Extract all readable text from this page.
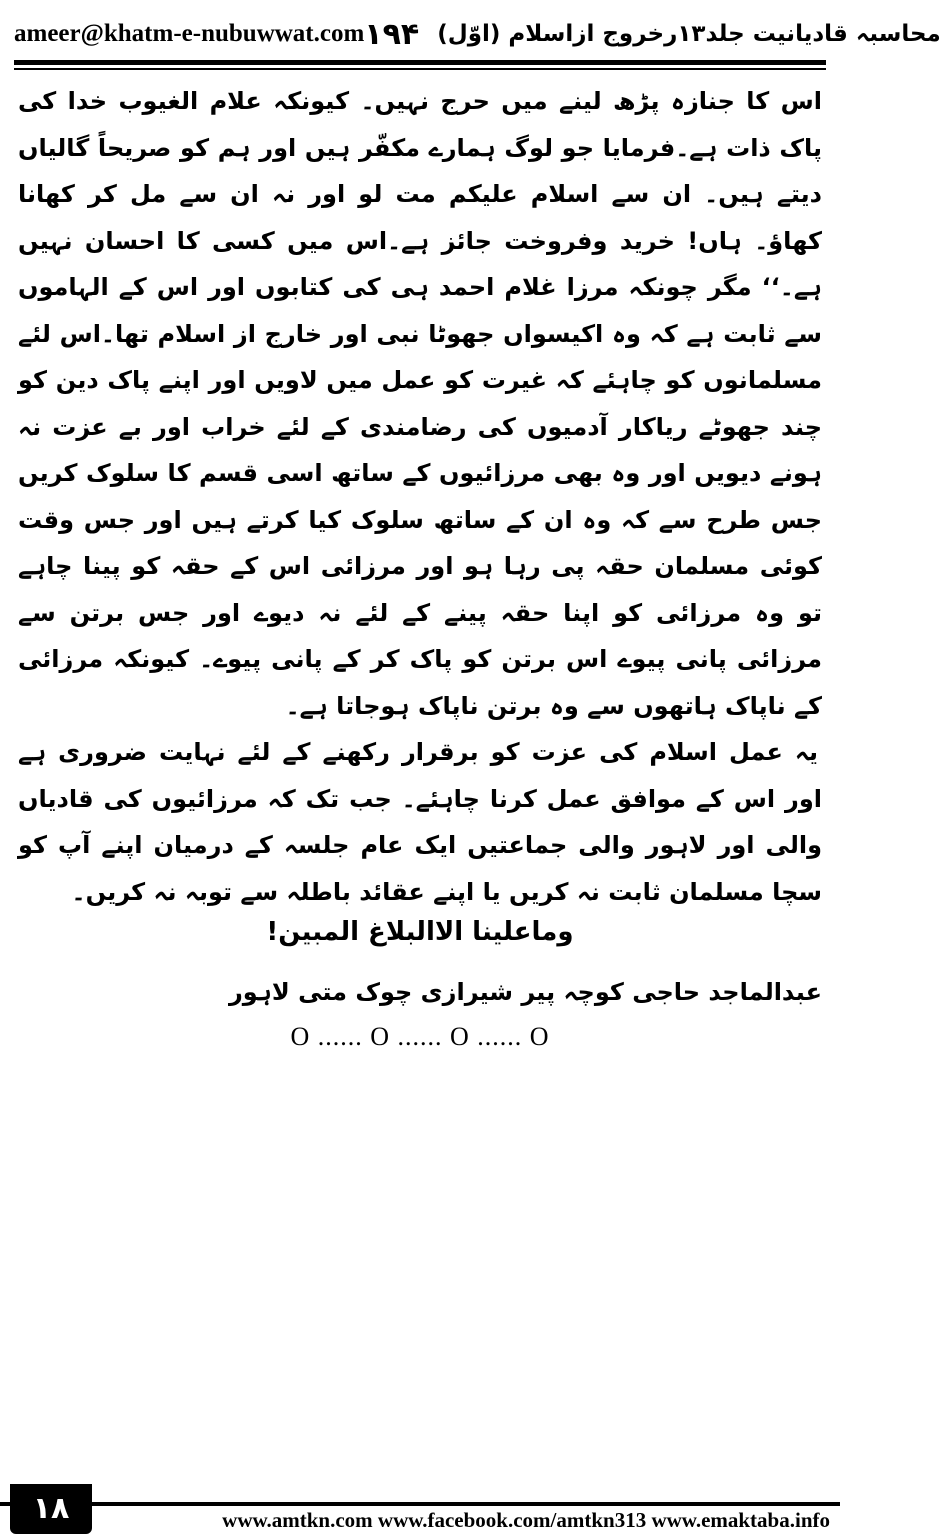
ameer@khatm-e-nubuwwat.com	محاسبہ قادیانیت جلد۱۳رخروج ازاسلام (اوّل)
۱۹۴

اس کا جنازہ پڑھ لینے میں حرج نہیں۔ کیونکہ علام الغیوب خدا کی پاک ذات ہے۔فرمایا جو لوگ ہمارے مکفّر ہیں اور ہم کو صریحاً گالیاں دیتے ہیں۔ ان سے اسلام علیکم مت لو اور نہ ان سے مل کر کھانا کھاؤ۔ ہاں! خرید وفروخت جائز ہے۔اس میں کسی کا احسان نہیں ہے۔‘‘ مگر چونکہ مرزا غلام احمد ہی کی کتابوں اور اس کے الہاموں سے ثابت ہے کہ وہ اکیسواں جھوٹا نبی اور خارج از اسلام تھا۔اس لئے مسلمانوں کو چاہئے کہ غیرت کو عمل میں لاویں اور اپنے پاک دین کو چند جھوٹے ریاکار آدمیوں کی رضامندی کے لئے خراب اور بے عزت نہ ہونے دیویں اور وہ بھی مرزائیوں کے ساتھ اسی قسم کا سلوک کریں جس طرح سے کہ وہ ان کے ساتھ سلوک کیا کرتے ہیں اور جس وقت کوئی مسلمان حقہ پی رہا ہو اور مرزائی اس کے حقہ کو پینا چاہے تو وہ مرزائی کو اپنا حقہ پینے کے لئے نہ دیوے اور جس برتن سے مرزائی پانی پیوے اس برتن کو پاک کر کے پانی پیوے۔ کیونکہ مرزائی کے ناپاک ہاتھوں سے وہ برتن ناپاک ہوجاتا ہے۔

یہ عمل اسلام کی عزت کو برقرار رکھنے کے لئے نہایت ضروری ہے اور اس کے موافق عمل کرنا چاہئے۔ جب تک کہ مرزائیوں کی قادیاں والی اور لاہور والی جماعتیں ایک عام جلسہ کے درمیان اپنے آپ کو سچا مسلمان ثابت نہ کریں یا اپنے عقائد باطلہ سے توبہ نہ کریں۔

وماعلینا الاالبلاغ المبین!
عبدالماجد حاجی کوچہ پیر شیرازی چوک متی لاہور
O ...... O ...... O ...... O
۱۸	www.amtkn.com www.facebook.com/amtkn313 www.emaktaba.info
